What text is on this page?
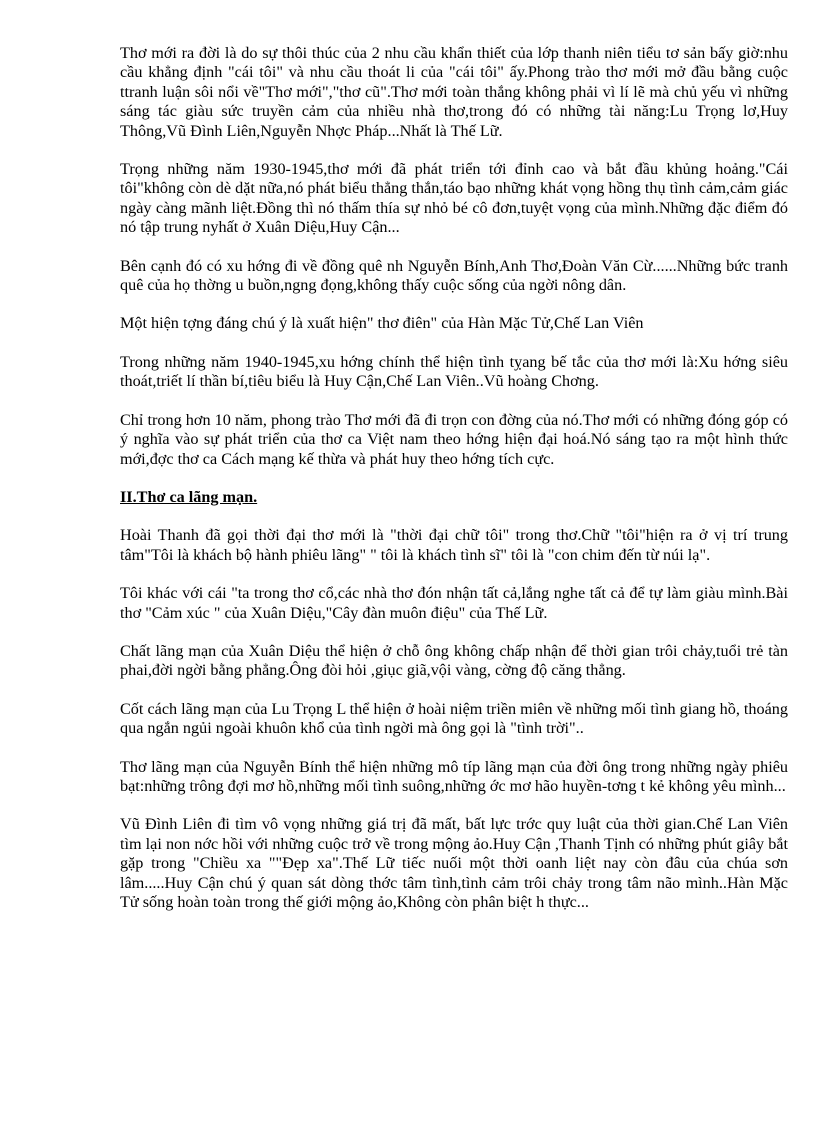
Thơ mới ra đời là do sự thôi thúc của 2 nhu cầu khẩn thiết của lớp thanh niên tiểu tơ sản bấy giờ:nhu cầu khẳng định "cái tôi" và nhu cầu thoát li của "cái tôi" ấy.Phong trào thơ mới mở đầu bằng cuộc ttranh luận sôi nổi về"Thơ mới","thơ cũ".Thơ mới toàn thắng không phải vì lí lẽ mà chủ yếu vì những sáng tác giàu sức truyền cảm của nhiều nhà thơ,trong đó có những tài năng:Lu Trọng lơ,Huy Thông,Vũ Đình Liên,Nguyễn Nhợc Pháp...Nhất là Thế Lữ.

Trọng những năm 1930-1945,thơ mới đã phát triển tới đỉnh cao và bắt đầu khủng hoảng."Cái tôi"không còn dè dặt nữa,nó phát biểu thẳng thắn,táo bạo những khát vọng hồng thụ tình cảm,cảm giác ngày càng mãnh liệt.Đồng thì nó thấm thía sự nhỏ bé cô đơn,tuyệt vọng của mình.Những đặc điểm đó nó tập trung nyhất ở Xuân Diệu,Huy Cận...

Bên cạnh đó có xu hớng đi về đồng quê nh Nguyễn Bính,Anh Thơ,Đoàn Văn Cừ......Những bức tranh quê của họ thờng u buồn,ngng đọng,không thấy cuộc sống của ngời nông dân.

Một hiện tợng đáng chú ý là xuất hiện" thơ điên" của Hàn Mặc Tử,Chế Lan Viên

Trong những năm 1940-1945,xu hớng chính thể hiện tình tỵang bế tắc của thơ mới là:Xu hớng siêu thoát,triết lí thần bí,tiêu biểu là Huy Cận,Chế Lan Viên..Vũ hoàng Chơng.

Chỉ trong hơn 10 năm, phong trào Thơ mới đã đi trọn con đờng của nó.Thơ mới có những đóng góp có ý nghĩa vào sự phát triển của thơ ca Việt nam theo hớng hiện đại hoá.Nó sáng tạo ra một hình thức mới,đợc thơ ca Cách mạng kế thừa và phát huy theo hớng tích cực.

II.Thơ ca lãng mạn.

Hoài Thanh đã gọi thời đại thơ mới là "thời đại chữ tôi" trong thơ.Chữ "tôi"hiện ra ở vị trí trung tâm"Tôi là khách bộ hành phiêu lãng" " tôi là khách tình sĩ" tôi là "con chim đến từ núi lạ".

Tôi khác với cái "ta trong thơ cổ,các nhà thơ đón nhận tất cả,lắng nghe tất cả để tự làm giàu mình.Bài thơ "Cảm xúc " của Xuân Diệu,"Cây đàn muôn điệu" của Thế Lữ.

Chất lãng mạn của Xuân Diệu thể hiện ở chỗ ông không chấp nhận để thời gian trôi chảy,tuổi trẻ tàn phai,đời ngời bằng phẳng.Ông đòi hỏi ,giục giã,vội vàng, cờng độ căng thẳng.

Cốt cách lãng mạn của Lu Trọng L thể hiện ở hoài niệm triền miên về những mối tình giang hồ, thoáng qua ngắn ngủi ngoài khuôn khổ của tình ngời mà ông gọi là "tình trời"..

Thơ lãng mạn của Nguyễn Bính thể hiện những mô típ lãng mạn của đời ông trong những ngày phiêu bạt:những trông đợi mơ hồ,những mối tình suông,những ớc mơ hão huyền-tơng t kẻ không yêu mình...

Vũ Đình Liên đi tìm vô vọng những giá trị đã mất, bất lực trớc quy luật của thời gian.Chế Lan Viên tìm lại non nớc hồi với những cuộc trở về trong mộng ảo.Huy Cận ,Thanh Tịnh có những phút giây bắt gặp trong "Chiều xa ""Đẹp xa".Thế Lữ tiếc nuối một thời oanh liệt nay còn đâu của chúa sơn lâm.....Huy Cận chú ý quan sát dòng thớc tâm tình,tình cảm trôi chảy trong tâm não mình..Hàn Mặc Tử sống hoàn toàn trong thế giới mộng ảo,Không còn phân biệt h thực...
